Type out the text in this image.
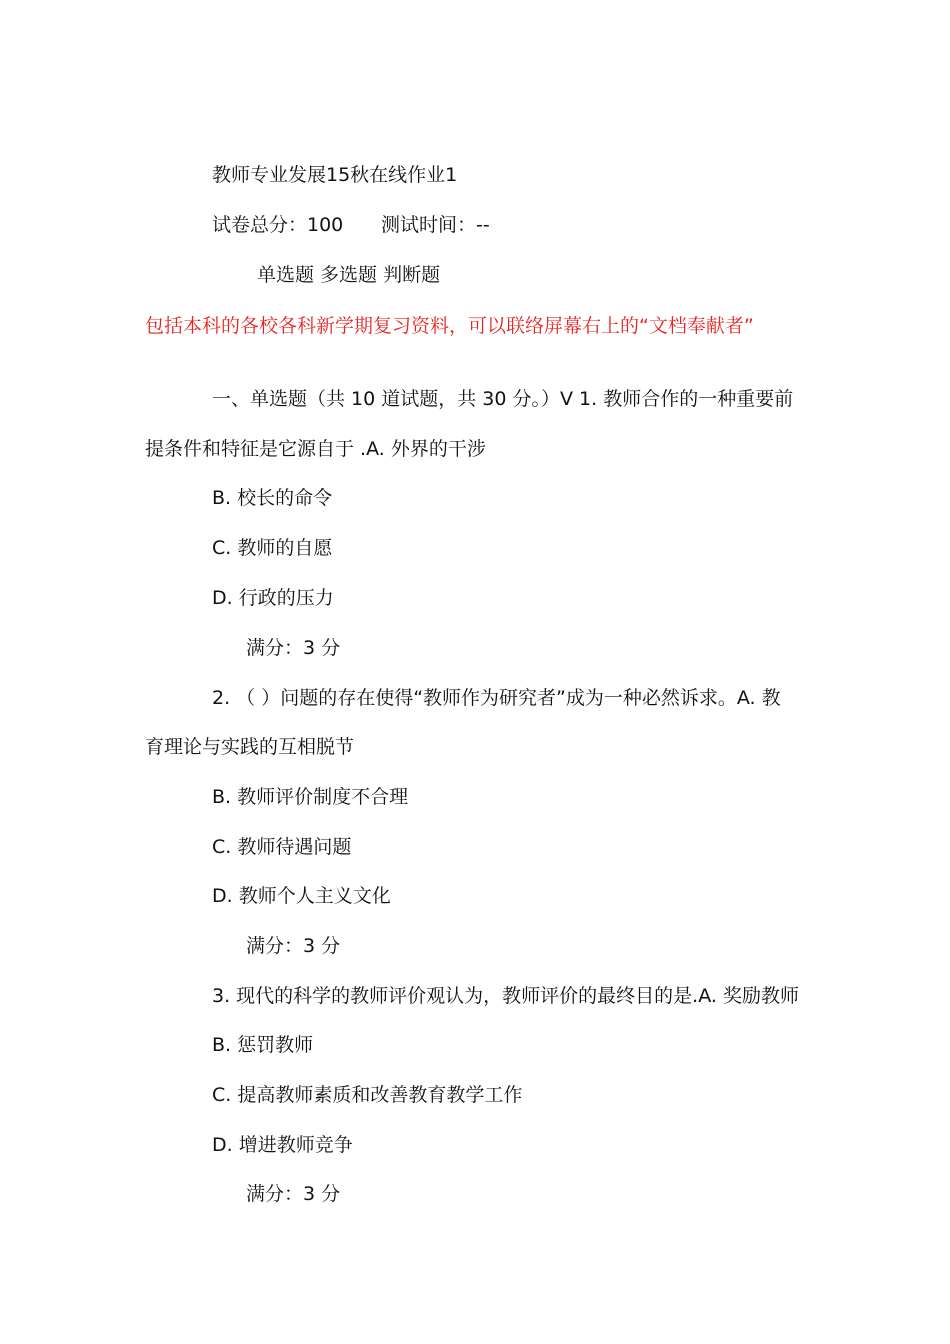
教师专业发展15秋在线作业1
试卷总分：100 测试时间：--
单选题 多选题 判断题
包括本科的各校各科新学期复习资料，可以联络屏幕右上的“文档奉献者”
一、单选题（共 10 道试题，共 30 分。）V 1. 教师合作的一种重要前
提条件和特征是它源自于 .A. 外界的干涉
B. 校长的命令
C. 教师的自愿
D. 行政的压力
满分：3 分
2. （ ）问题的存在使得“教师作为研究者”成为一种必然诉求。A. 教
育理论与实践的互相脱节
B. 教师评价制度不合理
C. 教师待遇问题
D. 教师个人主义文化
满分：3 分
3. 现代的科学的教师评价观认为，教师评价的最终目的是.A. 奖励教师
B. 惩罚教师
C. 提高教师素质和改善教育教学工作
D. 增进教师竞争
满分：3 分
